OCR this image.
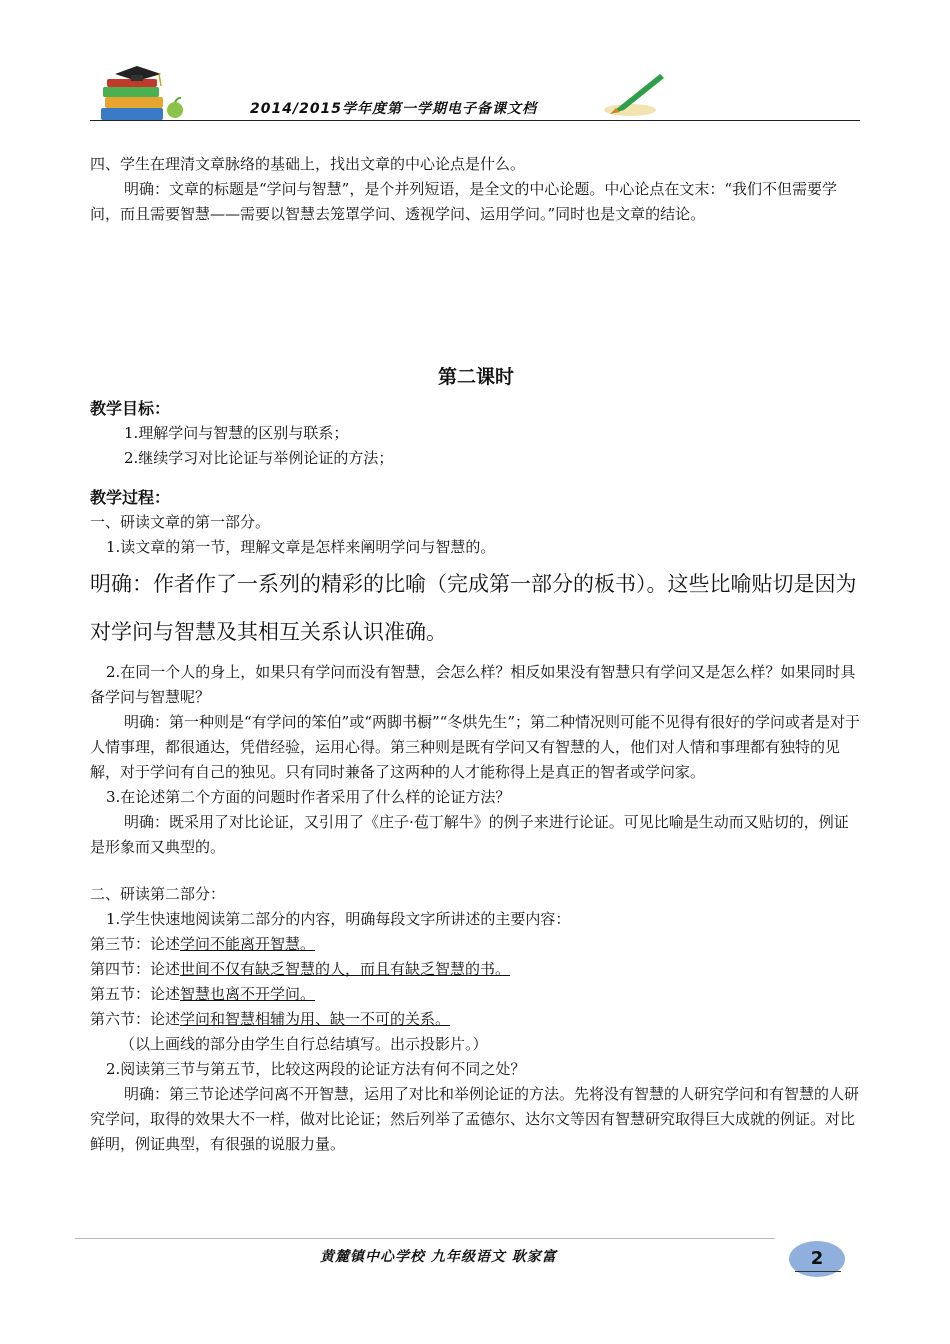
2014/2015学年度第一学期电子备课文档

四、学生在理清文章脉络的基础上，找出文章的中心论点是什么。

明确：文章的标题是“学问与智慧”，是个并列短语，是全文的中心论题。中心论点在文末：“我们不但需要学问，而且需要智慧——需要以智慧去笼罩学问、透视学问、运用学问。”同时也是文章的结论。

第二课时

教学目标：

1.理解学问与智慧的区别与联系；

2.继续学习对比论证与举例论证的方法；

教学过程：

一、研读文章的第一部分。

1.读文章的第一节，理解文章是怎样来阐明学问与智慧的。

明确：作者作了一系列的精彩的比喻（完成第一部分的板书）。这些比喻贴切是因为对学问与智慧及其相互关系认识准确。

2.在同一个人的身上，如果只有学问而没有智慧，会怎么样？相反如果没有智慧只有学问又是怎么样？如果同时具备学问与智慧呢？

明确：第一种则是“有学问的笨伯”或“两脚书橱”“冬烘先生”；第二种情况则可能不见得有很好的学问或者是对于人情事理，都很通达，凭借经验，运用心得。第三种则是既有学问又有智慧的人，他们对人情和事理都有独特的见解，对于学问有自己的独见。只有同时兼备了这两种的人才能称得上是真正的智者或学问家。

3.在论述第二个方面的问题时作者采用了什么样的论证方法？

明确：既采用了对比论证，又引用了《庄子·苞丁解牛》的例子来进行论证。可见比喻是生动而又贴切的，例证是形象而又典型的。

二、研读第二部分：

1.学生快速地阅读第二部分的内容，明确每段文字所讲述的主要内容：

第三节：论述学问不能离开智慧。

第四节：论述世间不仅有缺乏智慧的人，而且有缺乏智慧的书。

第五节：论述智慧也离不开学问。

第六节：论述学问和智慧相辅为用、缺一不可的关系。

（以上画线的部分由学生自行总结填写。出示投影片。）

2.阅读第三节与第五节，比较这两段的论证方法有何不同之处？

明确：第三节论述学问离不开智慧，运用了对比和举例论证的方法。先将没有智慧的人研究学问和有智慧的人研究学问，取得的效果大不一样，做对比论证；然后列举了孟德尔、达尔文等因有智慧研究取得巨大成就的例证。对比鲜明，例证典型，有很强的说服力量。

黄麓镇中心学校 九年级语文 耿家富	2
